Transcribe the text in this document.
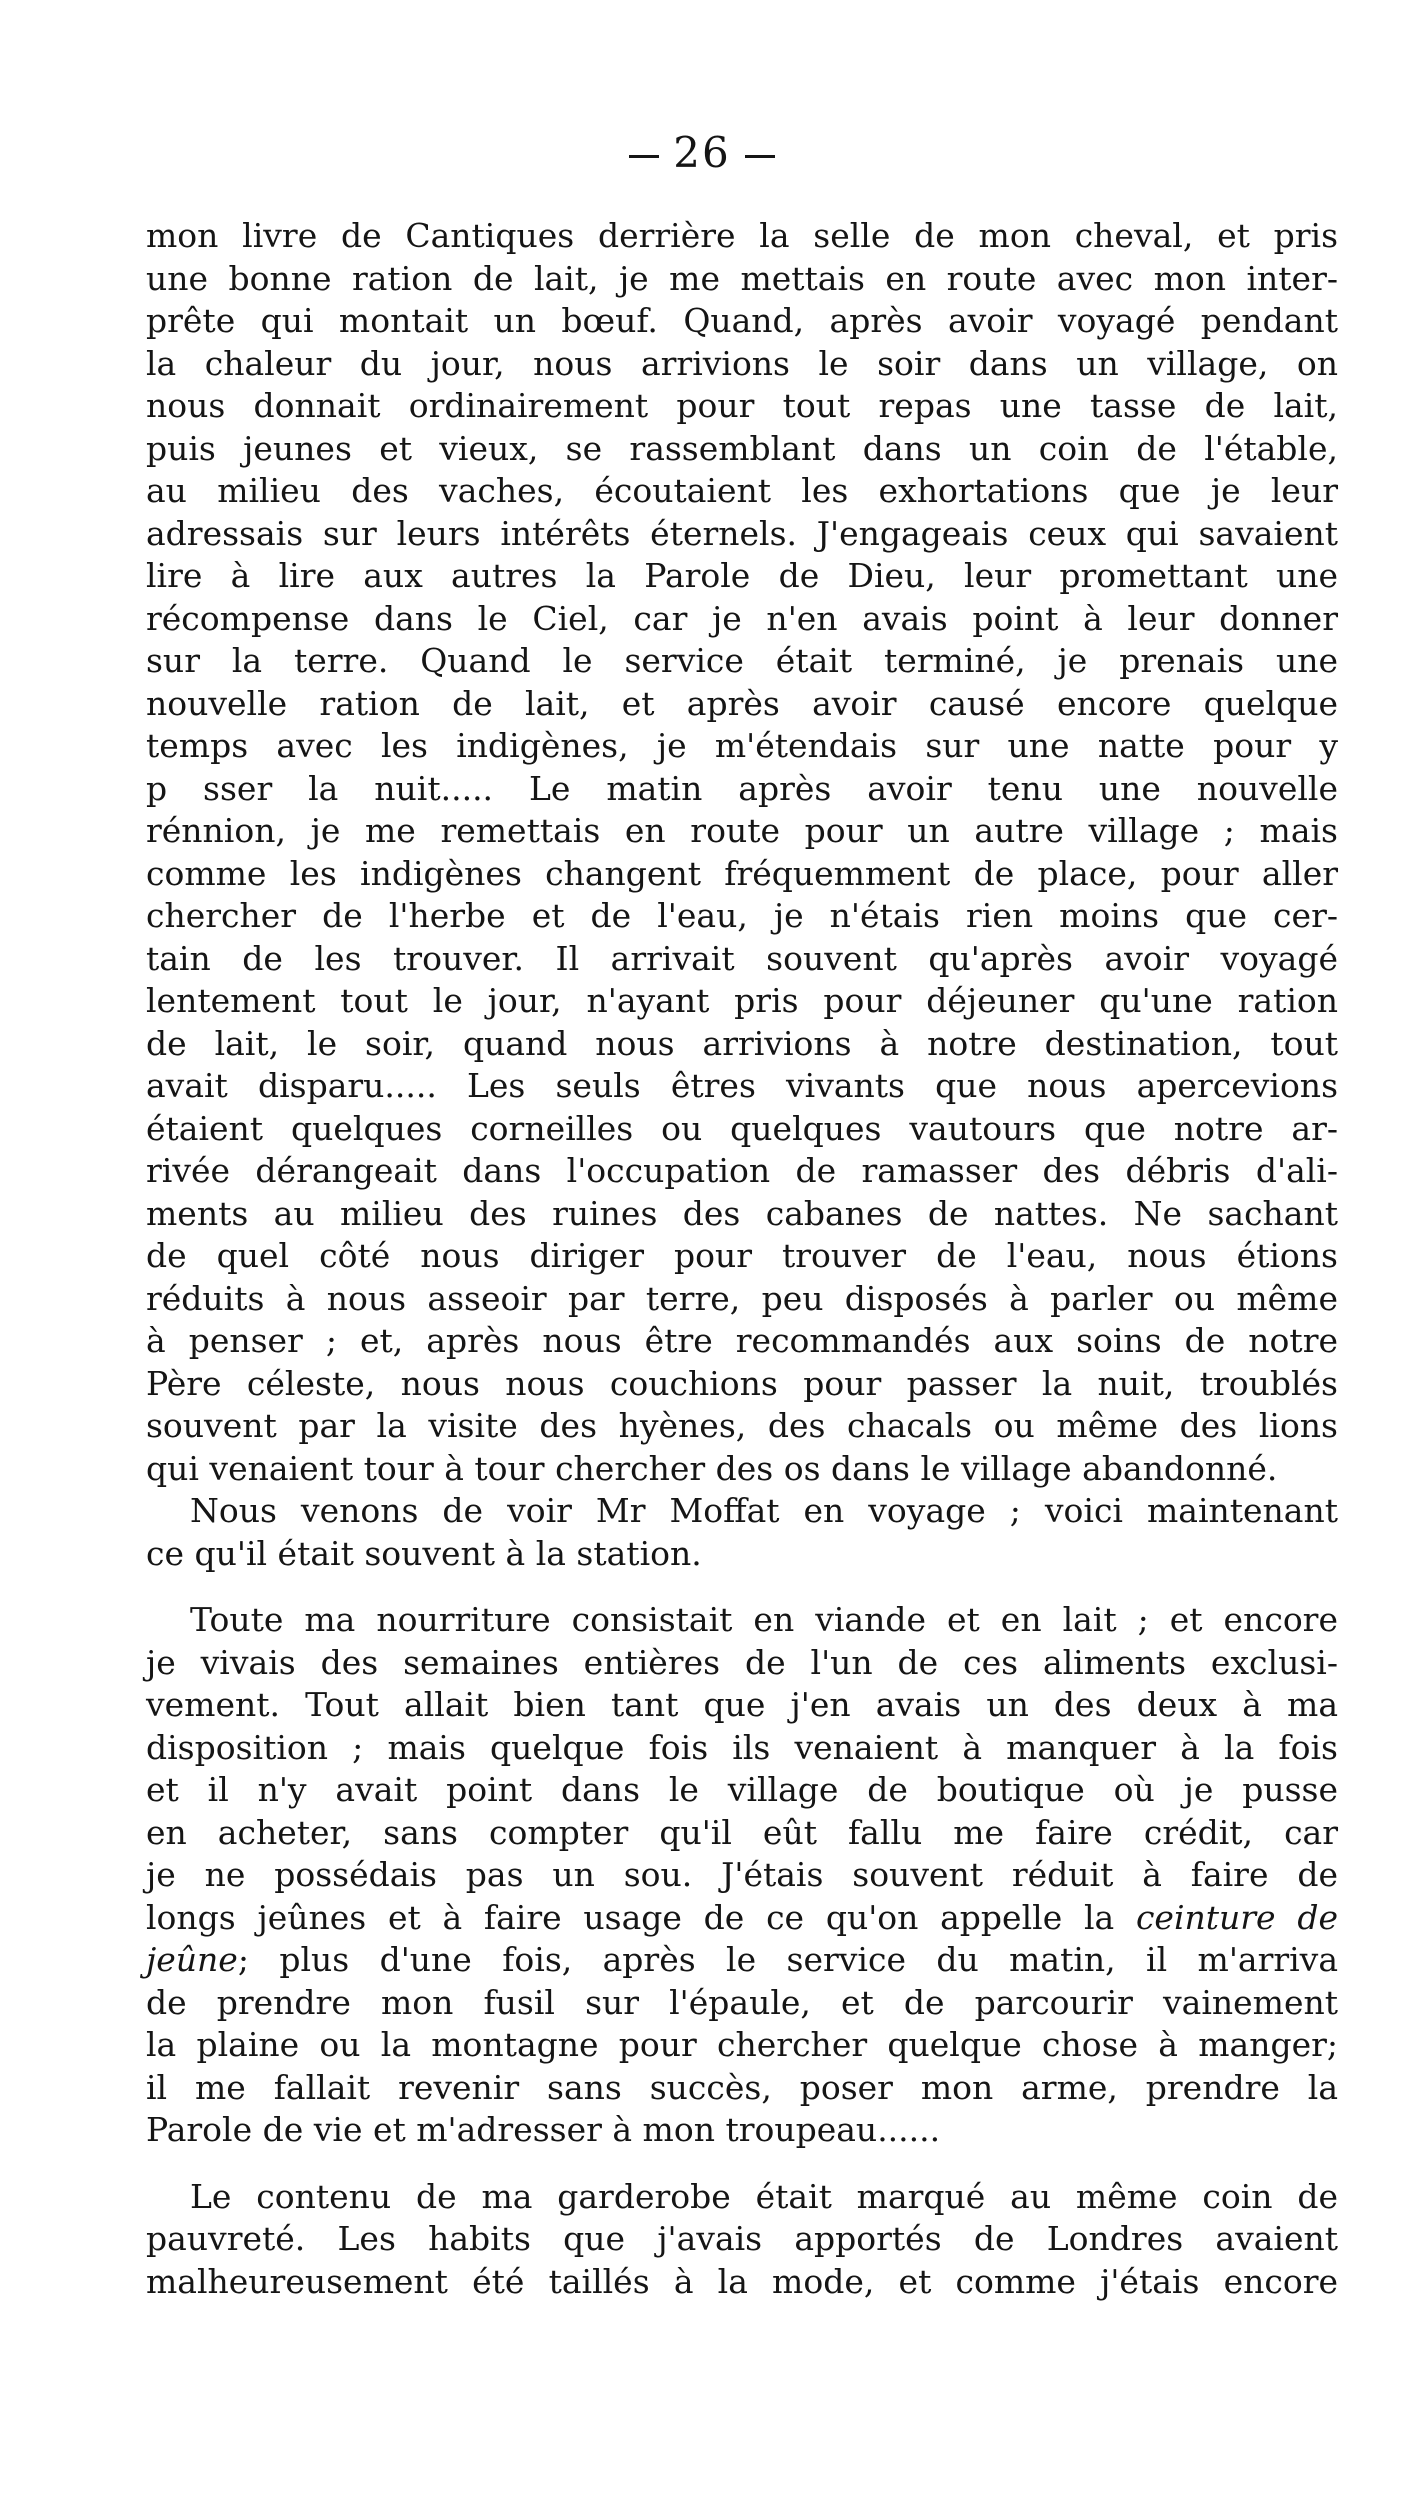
26
mon livre de Cantiques derrière la selle de mon cheval, et pris
une bonne ration de lait, je me mettais en route avec mon inter-
prête qui montait un bœuf. Quand, après avoir voyagé pendant
la chaleur du jour, nous arrivions le soir dans un village, on
nous donnait ordinairement pour tout repas une tasse de lait,
puis jeunes et vieux, se rassemblant dans un coin de l'étable,
au milieu des vaches, écoutaient les exhortations que je leur
adressais sur leurs intérêts éternels. J'engageais ceux qui savaient
lire à lire aux autres la Parole de Dieu, leur promettant une
récompense dans le Ciel, car je n'en avais point à leur donner
sur la terre. Quand le service était terminé, je prenais une
nouvelle ration de lait, et après avoir causé encore quelque
temps avec les indigènes, je m'étendais sur une natte pour y
p sser la nuit..... Le matin après avoir tenu une nouvelle
rénnion, je me remettais en route pour un autre village ; mais
comme les indigènes changent fréquemment de place, pour aller
chercher de l'herbe et de l'eau, je n'étais rien moins que cer-
tain de les trouver. Il arrivait souvent qu'après avoir voyagé
lentement tout le jour, n'ayant pris pour déjeuner qu'une ration
de lait, le soir, quand nous arrivions à notre destination, tout
avait disparu..... Les seuls êtres vivants que nous apercevions
étaient quelques corneilles ou quelques vautours que notre ar-
rivée dérangeait dans l'occupation de ramasser des débris d'ali-
ments au milieu des ruines des cabanes de nattes. Ne sachant
de quel côté nous diriger pour trouver de l'eau, nous étions
réduits à nous asseoir par terre, peu disposés à parler ou même
à penser ; et, après nous être recommandés aux soins de notre
Père céleste, nous nous couchions pour passer la nuit, troublés
souvent par la visite des hyènes, des chacals ou même des lions
qui venaient tour à tour chercher des os dans le village abandonné.
Nous venons de voir Mr Moffat en voyage ; voici maintenant
ce qu'il était souvent à la station.
Toute ma nourriture consistait en viande et en lait ; et encore
je vivais des semaines entières de l'un de ces aliments exclusi-
vement. Tout allait bien tant que j'en avais un des deux à ma
disposition ; mais quelque fois ils venaient à manquer à la fois
et il n'y avait point dans le village de boutique où je pusse
en acheter, sans compter qu'il eût fallu me faire crédit, car
je ne possédais pas un sou. J'étais souvent réduit à faire de
longs jeûnes et à faire usage de ce qu'on appelle la ceinture de
jeûne; plus d'une fois, après le service du matin, il m'arriva
de prendre mon fusil sur l'épaule, et de parcourir vainement
la plaine ou la montagne pour chercher quelque chose à manger;
il me fallait revenir sans succès, poser mon arme, prendre la
Parole de vie et m'adresser à mon troupeau......
Le contenu de ma garderobe était marqué au même coin de
pauvreté. Les habits que j'avais apportés de Londres avaient
malheureusement été taillés à la mode, et comme j'étais encore
